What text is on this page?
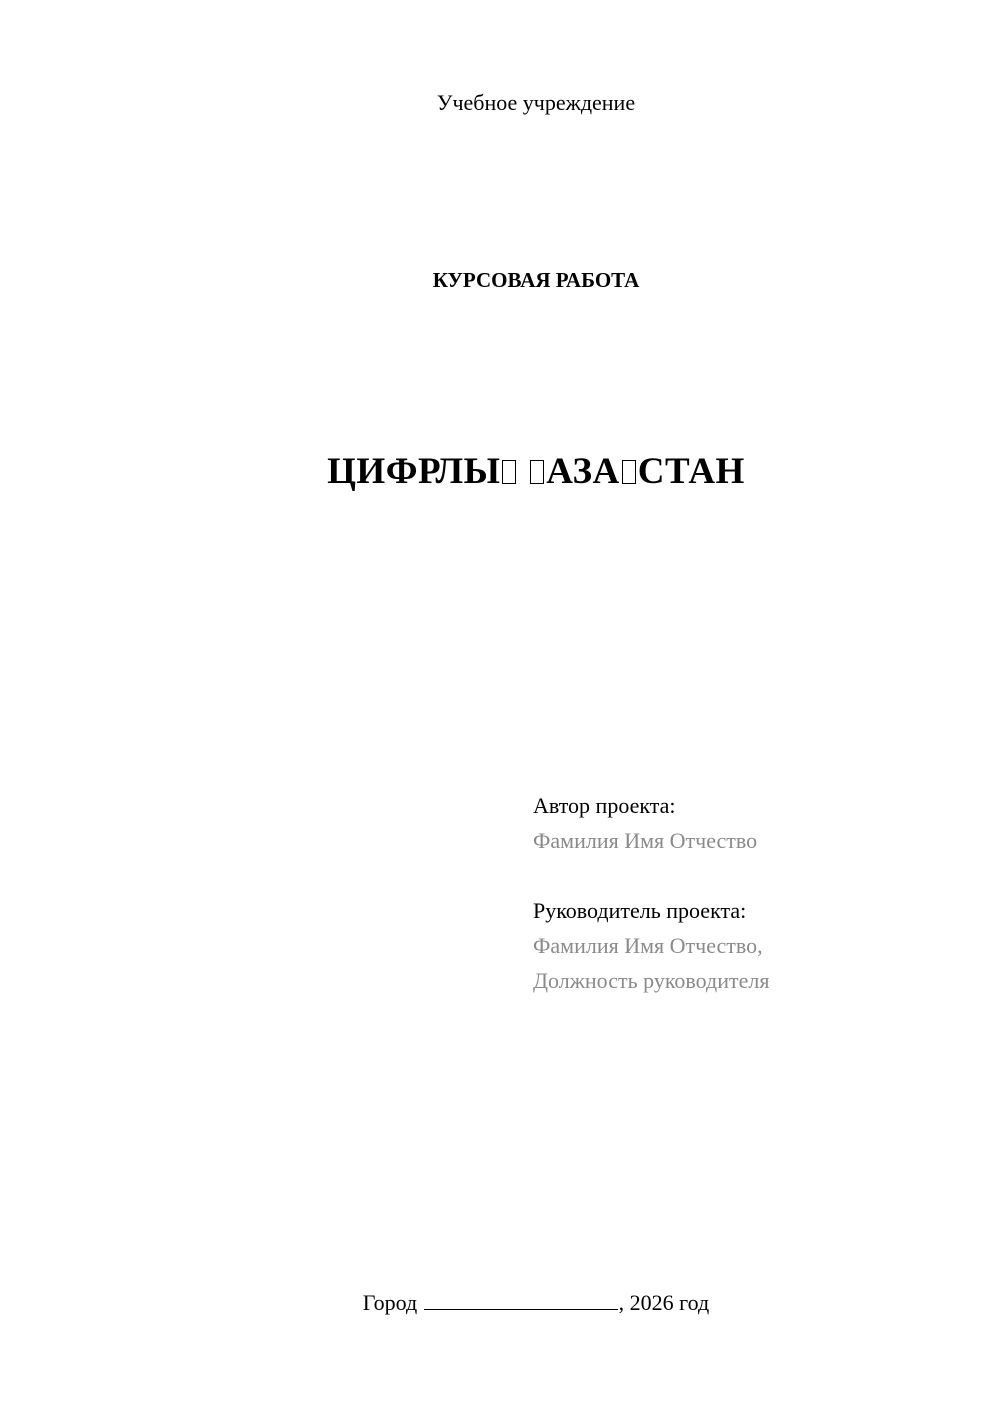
Учебное учреждение
КУРСОВАЯ РАБОТА
ЦИФРЛЫ АЗА СТАН
Автор проекта:
Фамилия Имя Отчество
Руководитель проекта:
Фамилия Имя Отчество,
Должность руководителя
Город	, 2026 год
